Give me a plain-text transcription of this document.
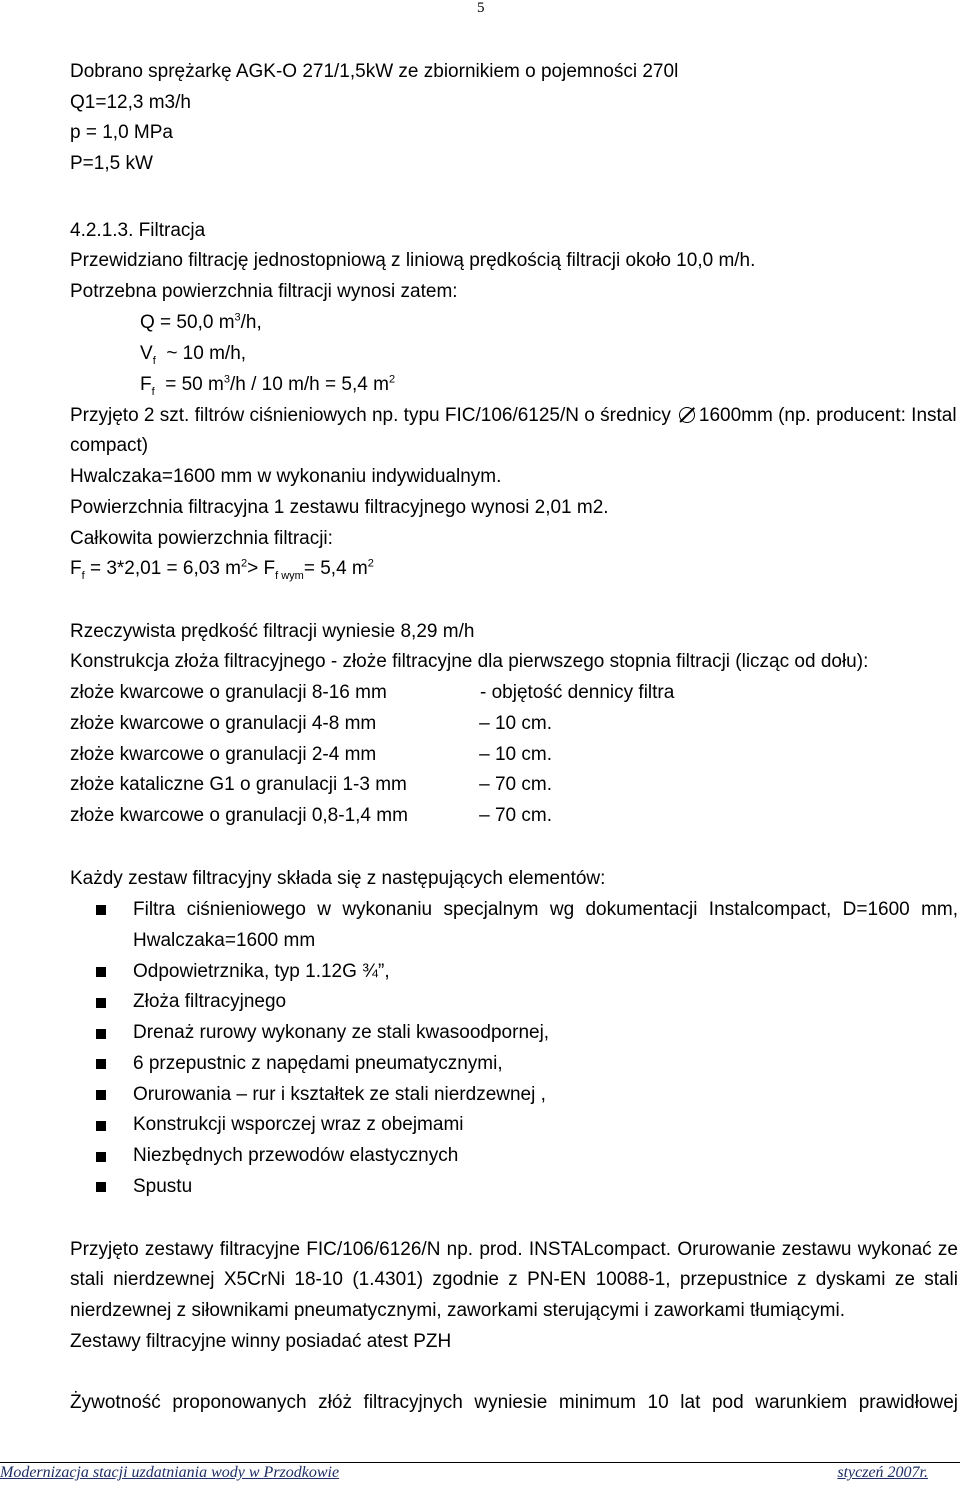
5
Dobrano sprężarkę AGK-O 271/1,5kW ze zbiornikiem o pojemności 270l
Q1=12,3 m3/h
p = 1,0 MPa
P=1,5 kW
4.2.1.3. Filtracja
Przewidziano filtrację jednostopniową z liniową prędkością filtracji około 10,0 m/h.
Potrzebna powierzchnia filtracji wynosi zatem:
Q = 50,0 $m^3/h$,
$V_f$ ~ 10 m/h,
$F_f = 50$ $m^3/h / 10$ m/h = 5,4 $m^2$
Przyjęto 2 szt. filtrów ciśnieniowych np. typu FIC/106/6125/N o średnicy 1600mm (np. producent: Instal
compact)
Hwalczaka=1600 mm w wykonaniu indywidualnym.
Powierzchnia filtracyjna 1 zestawu filtracyjnego wynosi 2,01 m2.
Całkowita powierzchnia filtracji:
$F_f = 3*2,01 = 6,03$ $m^2> F_{f wym}= 5,4$ $m^2$
Rzeczywista prędkość filtracji wyniesie 8,29 m/h
Konstrukcja złoża filtracyjnego - złoże filtracyjne dla pierwszego stopnia filtracji (licząc od dołu):
złoże kwarcowe o granulacji 8-16 mm	- objętość dennicy filtra
złoże kwarcowe o granulacji 4-8 mm	– 10 cm.
złoże kwarcowe o granulacji 2-4 mm	– 10 cm.
złoże kataliczne G1 o granulacji 1-3 mm	– 70 cm.
złoże kwarcowe o granulacji 0,8-1,4 mm	– 70 cm.
Każdy zestaw filtracyjny składa się z następujących elementów:
Filtra ciśnieniowego w wykonaniu specjalnym wg dokumentacji Instalcompact, D=1600 mm,
Hwalczaka=1600 mm
Odpowietrznika, typ 1.12G ¾”,
Złoża filtracyjnego
Drenaż rurowy wykonany ze stali kwasoodpornej,
6 przepustnic z napędami pneumatycznymi,
Orurowania – rur i kształtek ze stali nierdzewnej ,
Konstrukcji wsporczej wraz z obejmami
Niezbędnych przewodów elastycznych
Spustu
Przyjęto zestawy filtracyjne FIC/106/6126/N np. prod. INSTALcompact. Orurowanie zestawu wykonać ze
stali nierdzewnej X5CrNi 18-10 (1.4301) zgodnie z PN-EN 10088-1, przepustnice z dyskami ze stali
nierdzewnej z siłownikami pneumatycznymi, zaworkami sterującymi i zaworkami tłumiącymi.
Zestawy filtracyjne winny posiadać atest PZH
Żywotność proponowanych złóż filtracyjnych wyniesie minimum 10 lat pod warunkiem prawidłowej
Modernizacja stacji uzdatniania wody w Przodkowie	styczeń 2007r.
